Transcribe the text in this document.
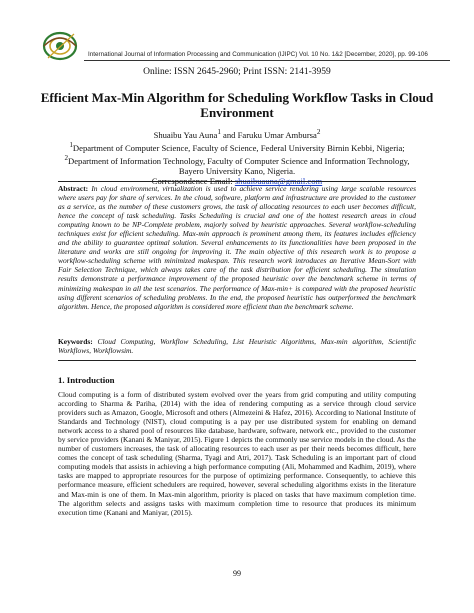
International Journal of Information Processing and Communication (IJIPC) Vol. 10 No. 1&2 [December, 2020], pp. 99-106
Online: ISSN 2645-2960; Print ISSN: 2141-3959
Efficient Max-Min Algorithm for Scheduling Workflow Tasks in Cloud Environment
Shuaibu Yau Auna$^1$ and Faruku Umar Ambursa$^2$
$^1$Department of Computer Science, Faculty of Science, Federal University Birnin Kebbi, Nigeria;
$^2$Department of Information Technology, Faculty of Computer Science and Information Technology,
Bayero University Kano, Nigeria.
Correspondence Email: shuaibuauna@gmail.com
Abstract: In cloud environment, virtualization is used to achieve service rendering using large scalable resources where users pay for share of services. In the cloud, software, platform and infrastructure are provided to the customer as a service, as the number of these customers grows, the task of allocating resources to each user becomes difficult, hence the concept of task scheduling. Tasks Scheduling is crucial and one of the hottest research areas in cloud computing known to be NP-Complete problem, majorly solved by heuristic approaches. Several workflow-scheduling techniques exist for efficient scheduling. Max-min approach is prominent among them, its features includes efficiency and the ability to guarantee optimal solution. Several enhancements to its functionalities have been proposed in the literature and works are still ongoing for improving it. The main objective of this research work is to propose a workflow-scheduling scheme with minimized makespan. This research work introduces an Iterative Mean-Sort with Fair Selection Technique, which always takes care of the task distribution for efficient scheduling. The simulation results demonstrate a performance improvement of the proposed heuristic over the benchmark scheme in terms of minimizing makespan in all the test scenarios. The performance of Max-min+ is compared with the proposed heuristic using different scenarios of scheduling problems. In the end, the proposed heuristic has outperformed the benchmark algorithm. Hence, the proposed algorithm is considered more efficient than the benchmark scheme.
Keywords: Cloud Computing, Workflow Scheduling, List Heuristic Algorithms, Max-min algorithm, Scientific Workflows, Workflowsim.
1. Introduction
Cloud computing is a form of distributed system evolved over the years from grid computing and utility computing according to Sharma & Pariha, (2014) with the idea of rendering computing as a service through cloud service providers such as Amazon, Google, Microsoft and others (Almezeini & Hafez, 2016). According to National Institute of Standards and Technology (NIST), cloud computing is a pay per use distributed system for enabling on demand network access to a shared pool of resources like database, hardware, software, network etc., provided to the customer by service providers (Kanani & Maniyar, 2015). Figure 1 depicts the commonly use service models in the cloud. As the number of customers increases, the task of allocating resources to each user as per their needs becomes difficult, here comes the concept of task scheduling (Sharma, Tyagi and Atri, 2017). Task Scheduling is an important part of cloud computing models that assists in achieving a high performance computing (Ali, Mohammed and Kadhim, 2019), where tasks are mapped to appropriate resources for the purpose of optimizing performance. Consequently, to achieve this performance measure, efficient schedulers are required, however, several scheduling algorithms exists in the literature and Max-min is one of them. In Max-min algorithm, priority is placed on tasks that have maximum completion time. The algorithm selects and assigns tasks with maximum completion time to resource that produces its minimum execution time (Kanani and Maniyar, (2015).
99
